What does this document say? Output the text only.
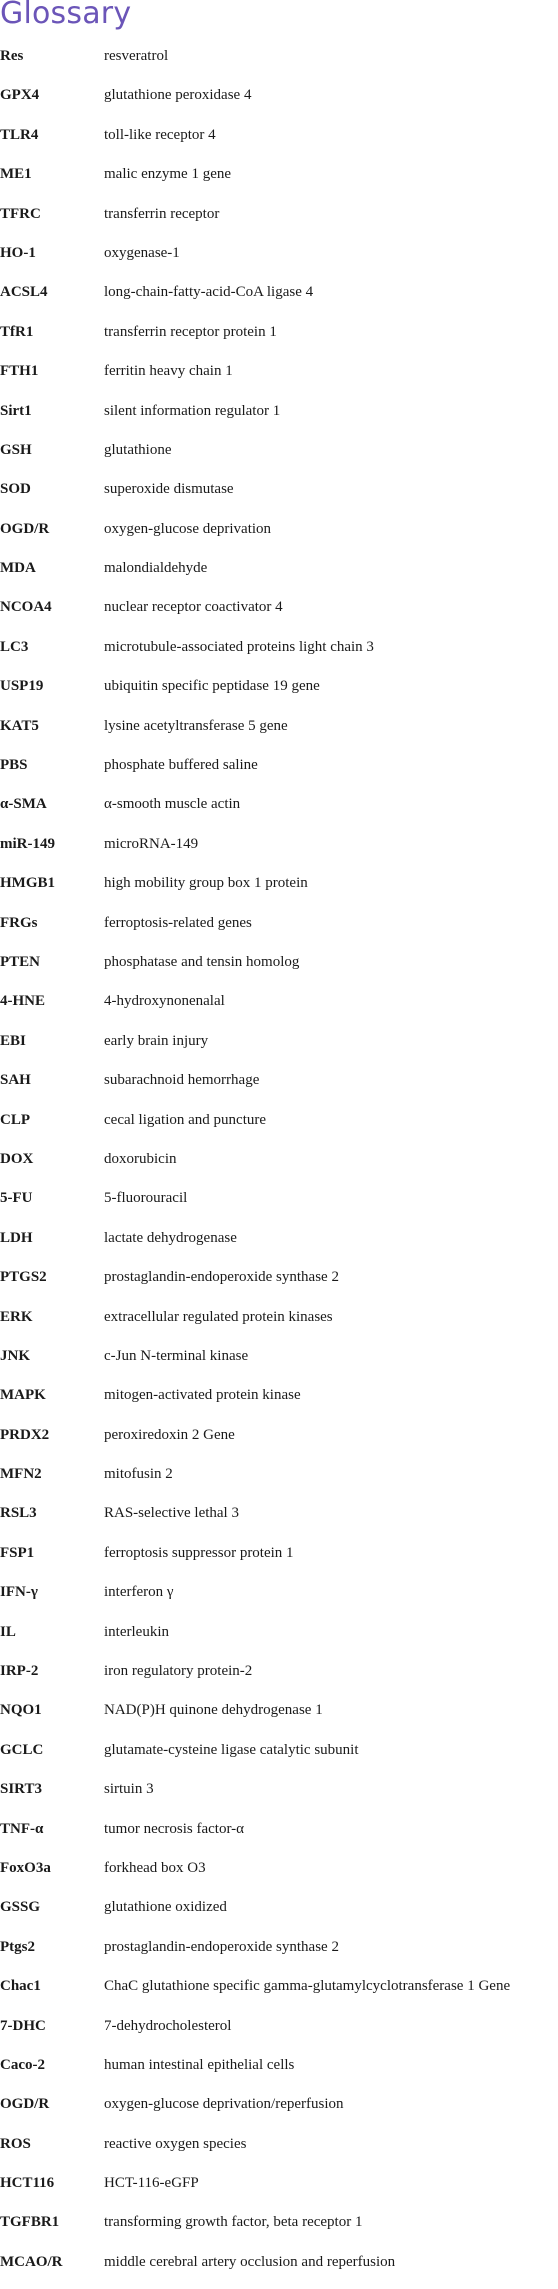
Glossary
Res	resveratrol
GPX4	glutathione peroxidase 4
TLR4	toll-like receptor 4
ME1	malic enzyme 1 gene
TFRC	transferrin receptor
HO-1	oxygenase-1
ACSL4	long-chain-fatty-acid-CoA ligase 4
TfR1	transferrin receptor protein 1
FTH1	ferritin heavy chain 1
Sirt1	silent information regulator 1
GSH	glutathione
SOD	superoxide dismutase
OGD/R	oxygen-glucose deprivation
MDA	malondialdehyde
NCOA4	nuclear receptor coactivator 4
LC3	microtubule-associated proteins light chain 3
USP19	ubiquitin specific peptidase 19 gene
KAT5	lysine acetyltransferase 5 gene
PBS	phosphate buffered saline
α-SMA	α-smooth muscle actin
miR-149	microRNA-149
HMGB1	high mobility group box 1 protein
FRGs	ferroptosis-related genes
PTEN	phosphatase and tensin homolog
4-HNE	4-hydroxynonenalal
EBI	early brain injury
SAH	subarachnoid hemorrhage
CLP	cecal ligation and puncture
DOX	doxorubicin
5-FU	5-fluorouracil
LDH	lactate dehydrogenase
PTGS2	prostaglandin-endoperoxide synthase 2
ERK	extracellular regulated protein kinases
JNK	c-Jun N-terminal kinase
MAPK	mitogen-activated protein kinase
PRDX2	peroxiredoxin 2 Gene
MFN2	mitofusin 2
RSL3	RAS-selective lethal 3
FSP1	ferroptosis suppressor protein 1
IFN-γ	interferon γ
IL	interleukin
IRP-2	iron regulatory protein-2
NQO1	NAD(P)H quinone dehydrogenase 1
GCLC	glutamate-cysteine ligase catalytic subunit
SIRT3	sirtuin 3
TNF-α	tumor necrosis factor-α
FoxO3a	forkhead box O3
GSSG	glutathione oxidized
Ptgs2	prostaglandin-endoperoxide synthase 2
Chac1	ChaC glutathione specific gamma-glutamylcyclotransferase 1 Gene
7-DHC	7-dehydrocholesterol
Caco-2	human intestinal epithelial cells
OGD/R	oxygen-glucose deprivation/reperfusion
ROS	reactive oxygen species
HCT116	HCT-116-eGFP
TGFBR1	transforming growth factor, beta receptor 1
MCAO/R	middle cerebral artery occlusion and reperfusion
